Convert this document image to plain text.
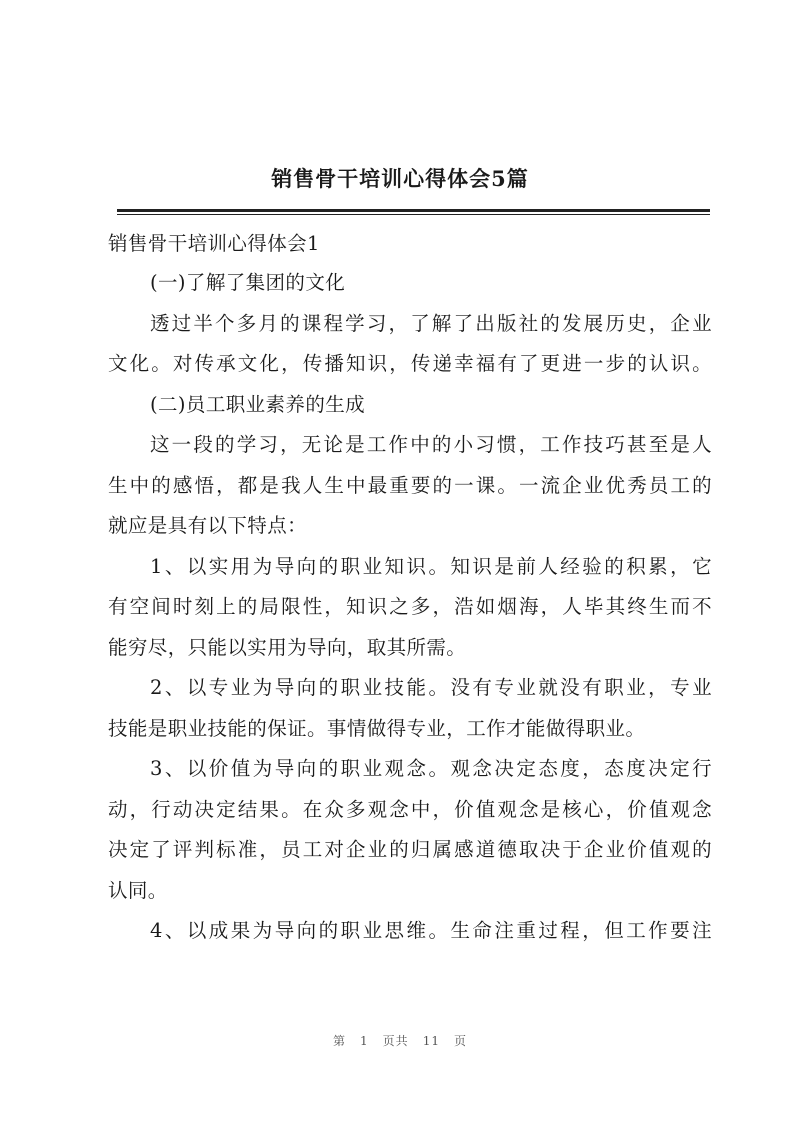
销售骨干培训心得体会5篇
销售骨干培训心得体会1
(一)了解了集团的文化
透过半个多月的课程学习，了解了出版社的发展历史，企业
文化。对传承文化，传播知识，传递幸福有了更进一步的认识。
(二)员工职业素养的生成
这一段的学习，无论是工作中的小习惯，工作技巧甚至是人
生中的感悟，都是我人生中最重要的一课。一流企业优秀员工的
就应是具有以下特点：
1、以实用为导向的职业知识。知识是前人经验的积累，它
有空间时刻上的局限性，知识之多，浩如烟海，人毕其终生而不
能穷尽，只能以实用为导向，取其所需。
2、以专业为导向的职业技能。没有专业就没有职业，专业
技能是职业技能的保证。事情做得专业，工作才能做得职业。
3、以价值为导向的职业观念。观念决定态度，态度决定行
动，行动决定结果。在众多观念中，价值观念是核心，价值观念
决定了评判标准，员工对企业的归属感道德取决于企业价值观的
认同。
4、以成果为导向的职业思维。生命注重过程，但工作要注
第 1 页共 11 页
